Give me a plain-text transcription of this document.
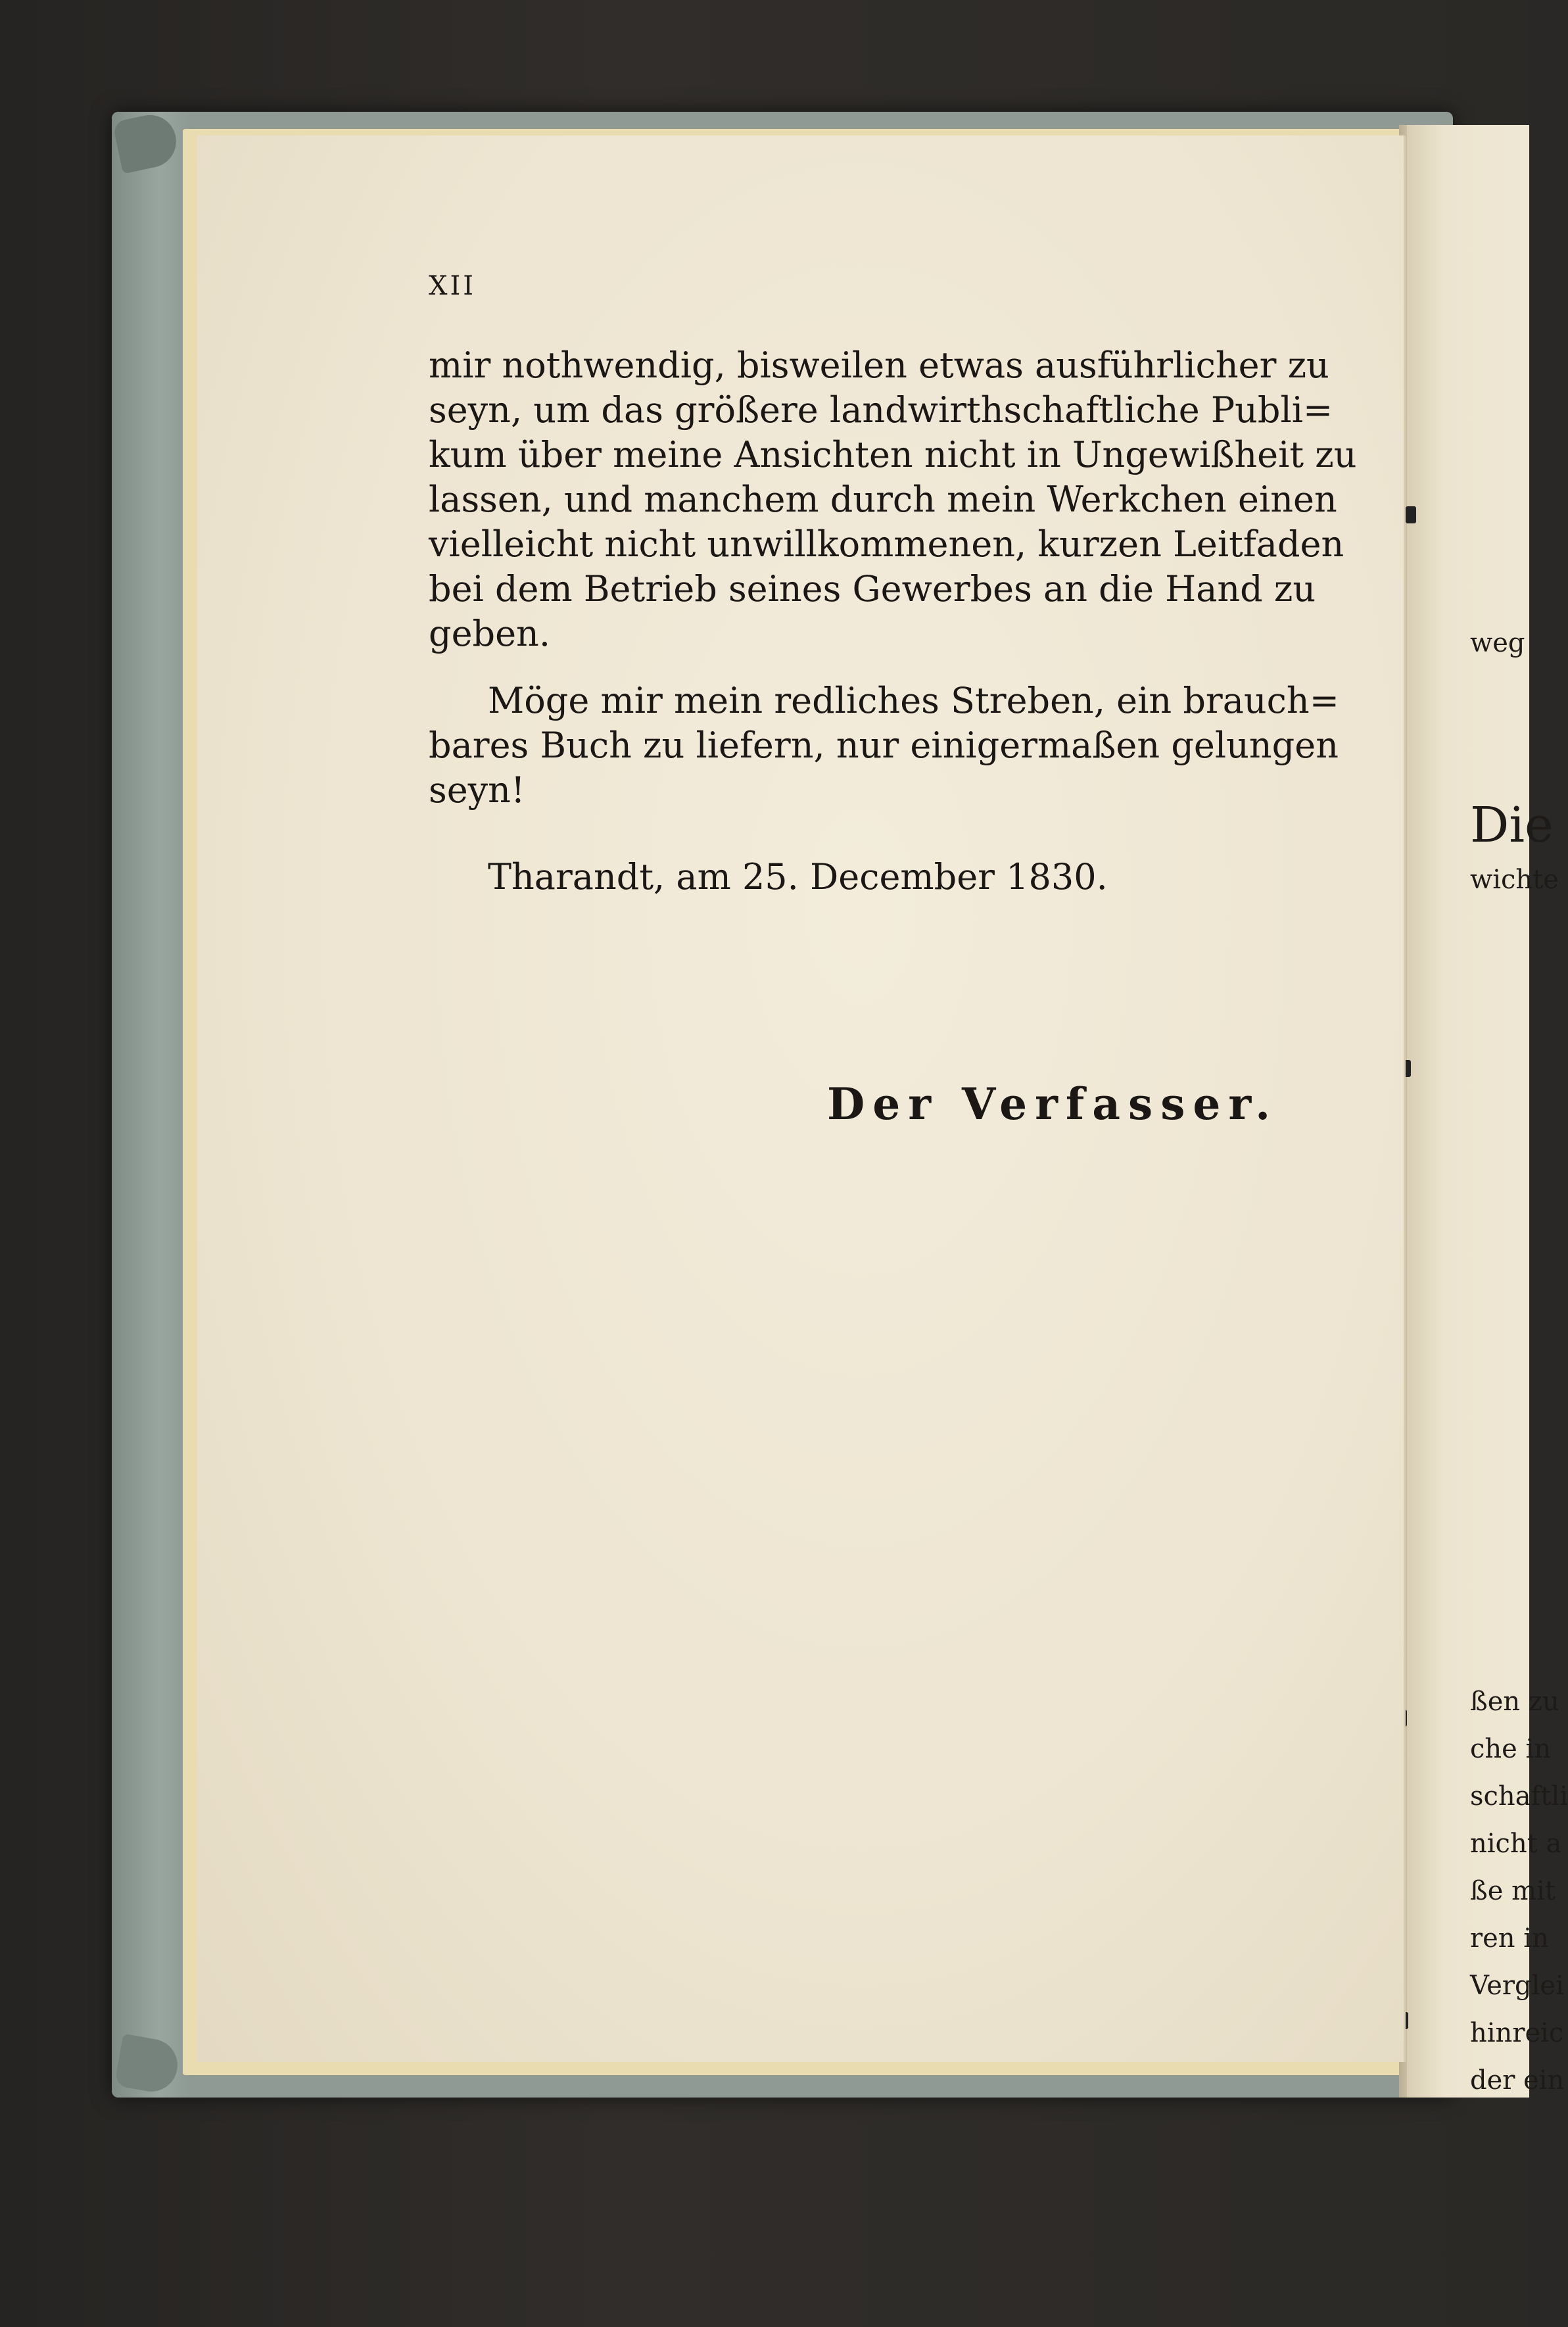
weg
Die
wichte
ßen zu
che in
schaftli
nicht a
ße mit
ren in
Verglei
hinreic
der ein
XII
mir nothwendig, bisweilen etwas ausführlicher zu
seyn, um das größere landwirthschaftliche Publi=
kum über meine Ansichten nicht in Ungewißheit zu
lassen, und manchem durch mein Werkchen einen
vielleicht nicht unwillkommenen, kurzen Leitfaden
bei dem Betrieb seines Gewerbes an die Hand zu
geben.
Möge mir mein redliches Streben, ein brauch=
bares Buch zu liefern, nur einigermaßen gelungen
seyn!
Tharandt, am 25. December 1830.
Der Verfasser.
